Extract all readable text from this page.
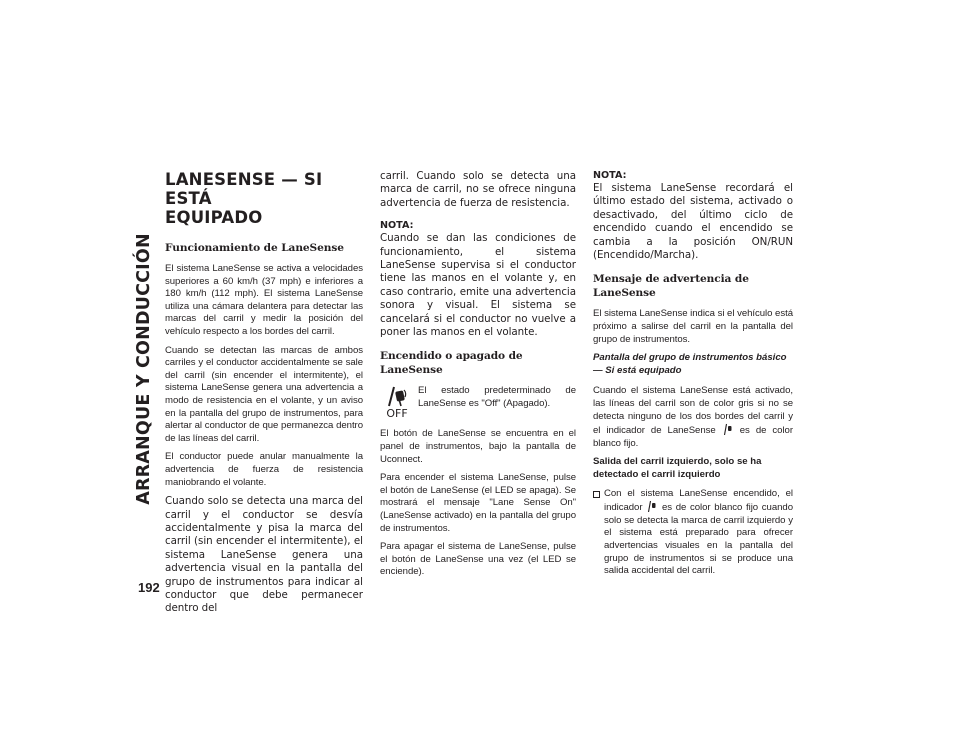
ARRANQUE Y CONDUCCIÓN
192
LANESENSE — SI ESTÁ
EQUIPADO
Funcionamiento de LaneSense

El sistema LaneSense se activa a velocidades superiores a 60 km/h (37 mph) e inferiores a 180 km/h (112 mph). El sistema LaneSense utiliza una cámara delantera para detectar las marcas del carril y medir la posición del vehículo respecto a los bordes del carril.

Cuando se detectan las marcas de ambos carriles y el conductor accidentalmente se sale del carril (sin encender el intermitente), el sistema LaneSense genera una advertencia a modo de resistencia en el volante, y un aviso en la pantalla del grupo de instrumentos, para alertar al conductor de que permanezca dentro de las líneas del carril.

El conductor puede anular manualmente la advertencia de fuerza de resistencia maniobrando el volante.

Cuando solo se detecta una marca del carril y el conductor se desvía accidentalmente y pisa la marca del carril (sin encender el intermitente), el sistema LaneSense genera una advertencia visual en la pantalla del grupo de instrumentos para indicar al conductor que debe permanecer dentro del

carril. Cuando solo se detecta una marca de carril, no se ofrece ninguna advertencia de fuerza de resistencia.

NOTA:

Cuando se dan las condiciones de funcionamiento, el sistema LaneSense supervisa si el conductor tiene las manos en el volante y, en caso contrario, emite una advertencia sonora y visual. El sistema se cancelará si el conductor no vuelve a poner las manos en el volante.

Encendido o apagado de LaneSense
OFF

El estado predeterminado de LaneSense es "Off" (Apagado).

El botón de LaneSense se encuentra en el panel de instrumentos, bajo la pantalla de Uconnect.

Para encender el sistema LaneSense, pulse el botón de LaneSense (el LED se apaga). Se mostrará el mensaje "Lane Sense On" (LaneSense activado) en la pantalla del grupo de instrumentos.

Para apagar el sistema de LaneSense, pulse el botón de LaneSense una vez (el LED se enciende).

NOTA:

El sistema LaneSense recordará el último estado del sistema, activado o desactivado, del último ciclo de encendido cuando el encendido se cambia a la posición ON/RUN (Encendido/Marcha).

Mensaje de advertencia de LaneSense

El sistema LaneSense indica si el vehículo está próximo a salirse del carril en la pantalla del grupo de instrumentos.

Pantalla del grupo de instrumentos básico — Si está equipado

Cuando el sistema LaneSense está activado, las líneas del carril son de color gris si no se detecta ninguno de los dos bordes del carril y el indicador de LaneSense	es de color blanco fijo.

Salida del carril izquierdo, solo se ha detectado el carril izquierdo

Con el sistema LaneSense encendido, el indicador es de color blanco fijo cuando solo se detecta la marca de carril izquierdo y el sistema está preparado para ofrecer advertencias visuales en la pantalla del grupo de instrumentos si se produce una salida accidental del carril.
